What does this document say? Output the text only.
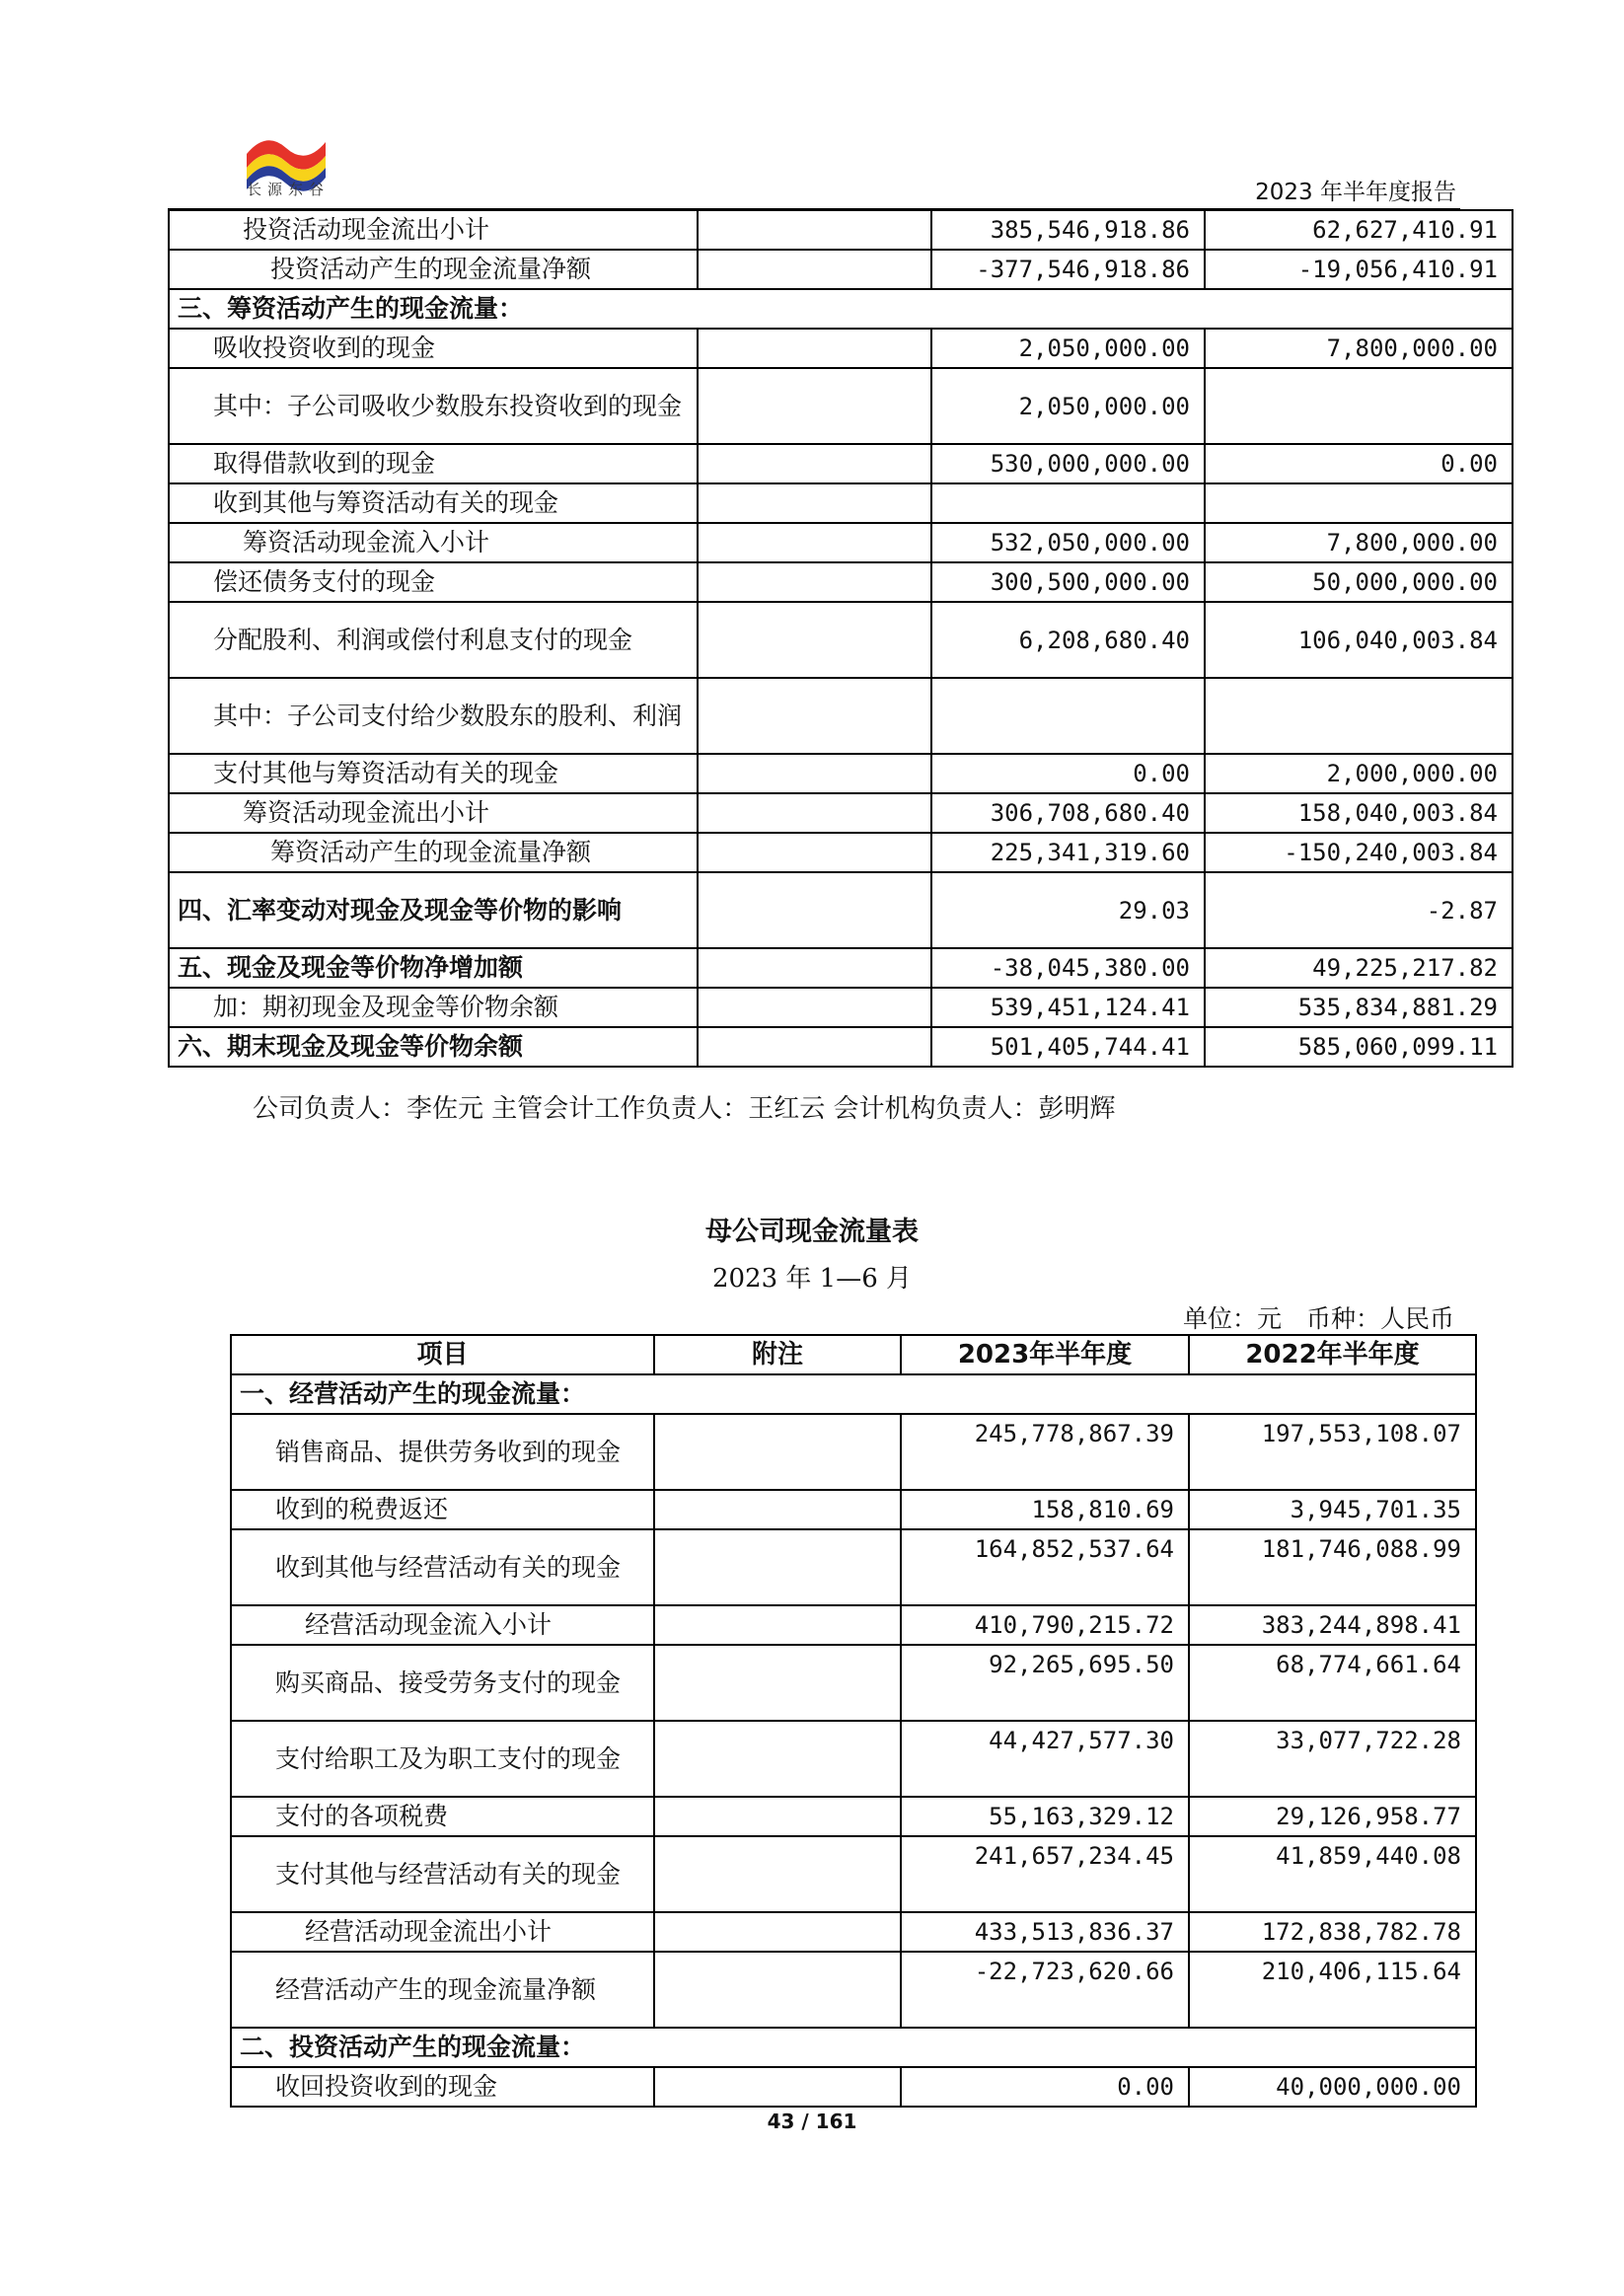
长源东谷	2023 年半年度报告
投资活动现金流出小计		385,546,918.86	62,627,410.91
投资活动产生的现金流量净额		-377,546,918.86	-19,056,410.91
三、筹资活动产生的现金流量：			
吸收投资收到的现金		2,050,000.00	7,800,000.00
其中：子公司吸收少数股东投资收到的现金		2,050,000.00	
取得借款收到的现金		530,000,000.00	0.00
收到其他与筹资活动有关的现金			
筹资活动现金流入小计		532,050,000.00	7,800,000.00
偿还债务支付的现金		300,500,000.00	50,000,000.00
分配股利、利润或偿付利息支付的现金		6,208,680.40	106,040,003.84
其中：子公司支付给少数股东的股利、利润			
支付其他与筹资活动有关的现金		0.00	2,000,000.00
筹资活动现金流出小计		306,708,680.40	158,040,003.84
筹资活动产生的现金流量净额		225,341,319.60	-150,240,003.84
四、汇率变动对现金及现金等价物的影响		29.03	-2.87
五、现金及现金等价物净增加额		-38,045,380.00	49,225,217.82
加：期初现金及现金等价物余额		539,451,124.41	535,834,881.29
六、期末现金及现金等价物余额		501,405,744.41	585,060,099.11
公司负责人：李佐元 主管会计工作负责人：王红云 会计机构负责人：彭明辉
母公司现金流量表
2023 年 1—6 月
单位：元　币种：人民币
项目	附注	2023年半年度	2022年半年度
一、经营活动产生的现金流量：			
销售商品、提供劳务收到的现金		245,778,867.39	197,553,108.07
收到的税费返还		158,810.69	3,945,701.35
收到其他与经营活动有关的现金		164,852,537.64	181,746,088.99
经营活动现金流入小计		410,790,215.72	383,244,898.41
购买商品、接受劳务支付的现金		92,265,695.50	68,774,661.64
支付给职工及为职工支付的现金		44,427,577.30	33,077,722.28
支付的各项税费		55,163,329.12	29,126,958.77
支付其他与经营活动有关的现金		241,657,234.45	41,859,440.08
经营活动现金流出小计		433,513,836.37	172,838,782.78
经营活动产生的现金流量净额		-22,723,620.66	210,406,115.64
二、投资活动产生的现金流量：			
收回投资收到的现金		0.00	40,000,000.00
43 / 161
